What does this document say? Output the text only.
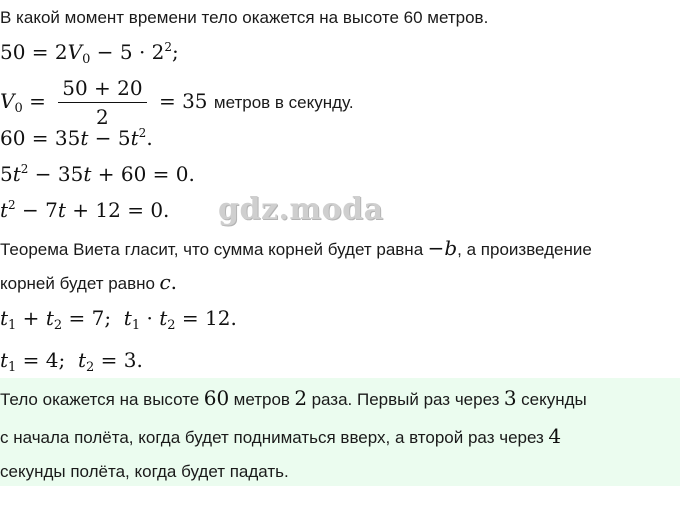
В какой момент времени тело окажется на высоте 60 метров.
$50 = 2V_0 - 5 \cdot 2^2$;
$V_0 = \frac{50 + 20}{2} = 35$ метров в секунду.
$60 = 35t - 5t^2$.
$5t^2 - 35t + 60 = 0$.
$t^2 - 7t + 12 = 0$. gdz.moda
Теорема Виета гласит, что сумма корней будет равна −b, а произведение
корней будет равно c.
$t_1 + t_2 = 7$;  $t_1 \cdot t_2 = 12$.
$t_1 = 4$;  $t_2 = 3$.
Тело окажется на высоте 60 метров 2 раза. Первый раз через 3 секунды
с начала полёта, когда будет подниматься вверх, а второй раз через 4
секунды полёта, когда будет падать.
